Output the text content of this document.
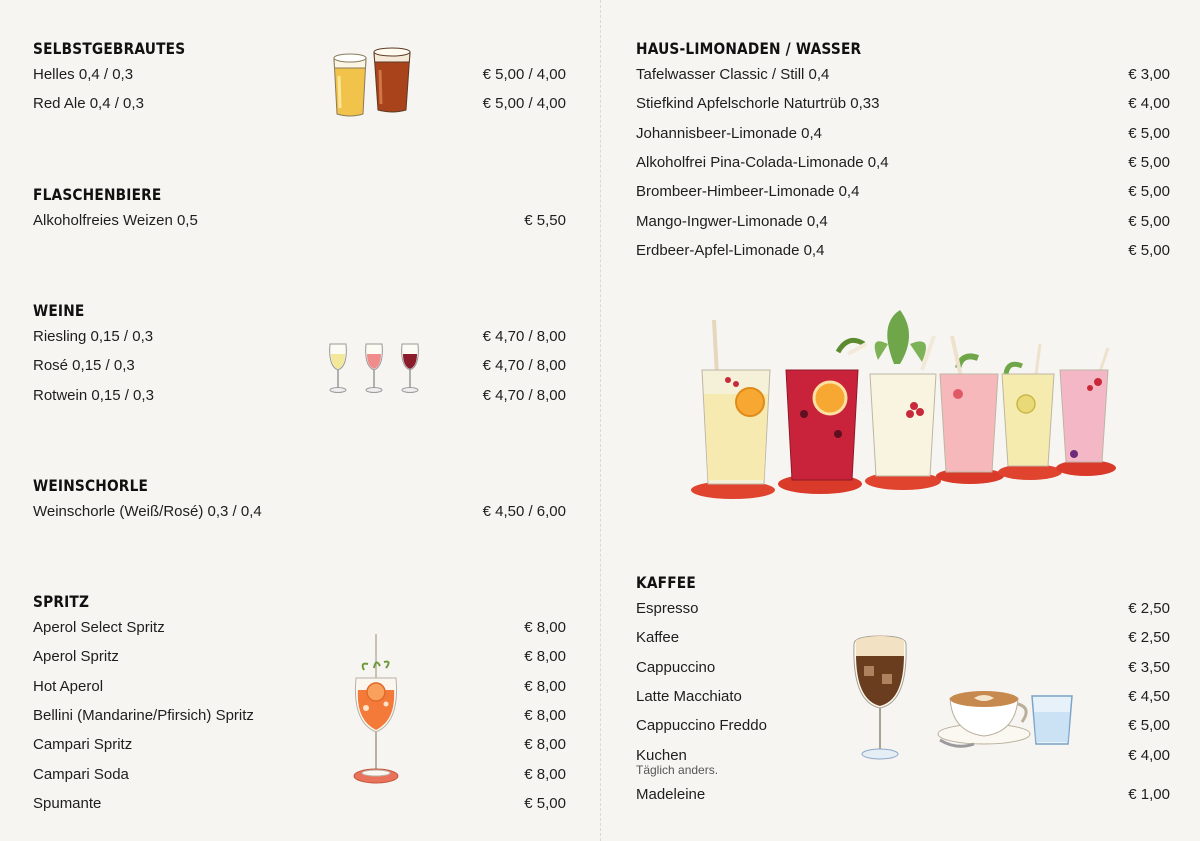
SELBSTGEBRAUTES
Helles 0,4 / 0,3	€ 5,00 / 4,00
Red Ale 0,4 / 0,3	€ 5,00 / 4,00
FLASCHENBIERE
Alkoholfreies Weizen 0,5	€ 5,50
WEINE
Riesling 0,15 / 0,3	€ 4,70 / 8,00
Rosé 0,15 / 0,3	€ 4,70 / 8,00
Rotwein 0,15 / 0,3	€ 4,70 / 8,00
WEINSCHORLE
Weinschorle (Weiß/Rosé) 0,3 / 0,4	€ 4,50 / 6,00
SPRITZ
Aperol Select Spritz	€ 8,00
Aperol Spritz	€ 8,00
Hot Aperol	€ 8,00
Bellini (Mandarine/Pfirsich) Spritz	€ 8,00
Campari Spritz	€ 8,00
Campari Soda	€ 8,00
Spumante	€ 5,00
HAUS-LIMONADEN / WASSER
Tafelwasser Classic / Still 0,4	€ 3,00
Stiefkind Apfelschorle Naturtrüb 0,33	€ 4,00
Johannisbeer-Limonade 0,4	€ 5,00
Alkoholfrei Pina-Colada-Limonade 0,4	€ 5,00
Brombeer-Himbeer-Limonade 0,4	€ 5,00
Mango-Ingwer-Limonade 0,4	€ 5,00
Erdbeer-Apfel-Limonade 0,4	€ 5,00
KAFFEE
Espresso	€ 2,50
Kaffee	€ 2,50
Cappuccino	€ 3,50
Latte Macchiato	€ 4,50
Cappuccino Freddo	€ 5,00
Kuchen	€ 4,00
Täglich anders.
Madeleine	€ 1,00
